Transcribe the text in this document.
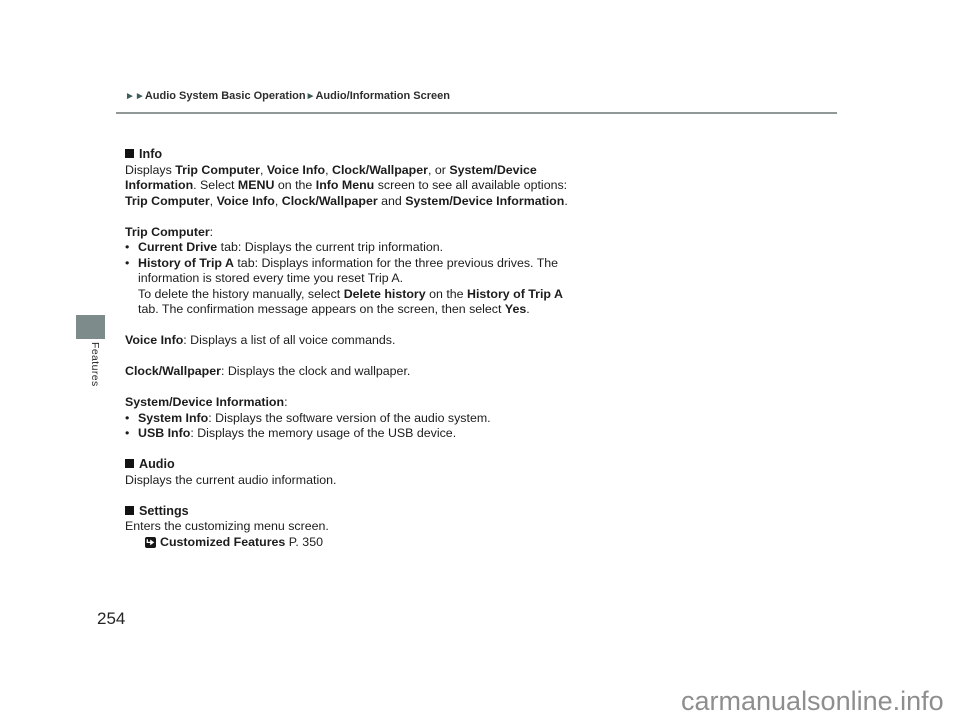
►►Audio System Basic Operation►Audio/Information Screen
Features
Info
Displays Trip Computer, Voice Info, Clock/Wallpaper, or System/Device Information. Select MENU on the Info Menu screen to see all available options: Trip Computer, Voice Info, Clock/Wallpaper and System/Device Information.
Trip Computer:
• Current Drive tab: Displays the current trip information.
• History of Trip A tab: Displays information for the three previous drives. The information is stored every time you reset Trip A.
To delete the history manually, select Delete history on the History of Trip A tab. The confirmation message appears on the screen, then select Yes.
Voice Info: Displays a list of all voice commands.
Clock/Wallpaper: Displays the clock and wallpaper.
System/Device Information:
• System Info: Displays the software version of the audio system.
• USB Info: Displays the memory usage of the USB device.
Audio
Displays the current audio information.
Settings
Enters the customizing menu screen.
Customized Features P. 350
254
carmanualsonline.info
